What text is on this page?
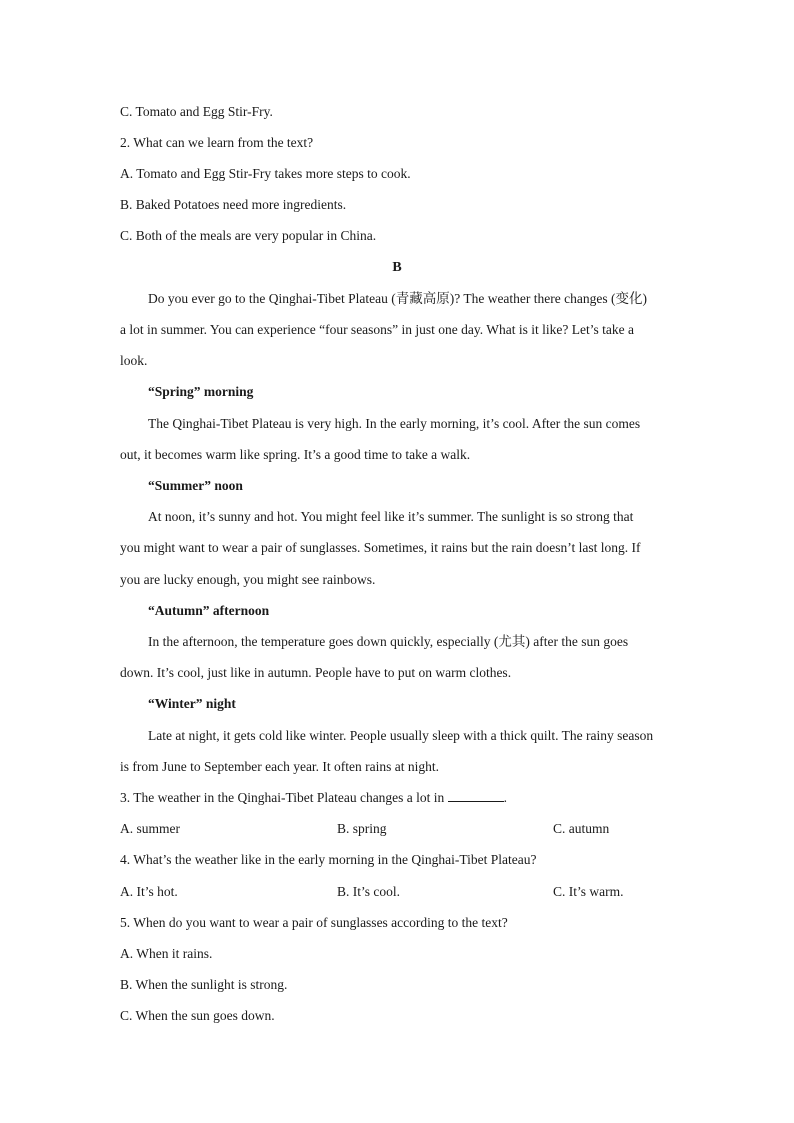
C. Tomato and Egg Stir-Fry.
2. What can we learn from the text?
A. Tomato and Egg Stir-Fry takes more steps to cook.
B. Baked Potatoes need more ingredients.
C. Both of the meals are very popular in China.
B
Do you ever go to the Qinghai-Tibet Plateau (青藏高原)? The weather there changes (变化)
a lot in summer. You can experience “four seasons” in just one day. What is it like? Let’s take a
look.
“Spring” morning
The Qinghai-Tibet Plateau is very high. In the early morning, it’s cool. After the sun comes
out, it becomes warm like spring. It’s a good time to take a walk.
“Summer” noon
At noon, it’s sunny and hot. You might feel like it’s summer. The sunlight is so strong that
you might want to wear a pair of sunglasses. Sometimes, it rains but the rain doesn’t last long. If
you are lucky enough, you might see rainbows.
“Autumn” afternoon
In the afternoon, the temperature goes down quickly, especially (尤其) after the sun goes
down. It’s cool, just like in autumn. People have to put on warm clothes.
“Winter” night
Late at night, it gets cold like winter. People usually sleep with a thick quilt. The rainy season
is from June to September each year. It often rains at night.
3. The weather in the Qinghai-Tibet Plateau changes a lot in	.
A. summer	B. spring	C. autumn
4. What’s the weather like in the early morning in the Qinghai-Tibet Plateau?
A. It’s hot.	B. It’s cool.	C. It’s warm.
5. When do you want to wear a pair of sunglasses according to the text?
A. When it rains.
B. When the sunlight is strong.
C. When the sun goes down.
